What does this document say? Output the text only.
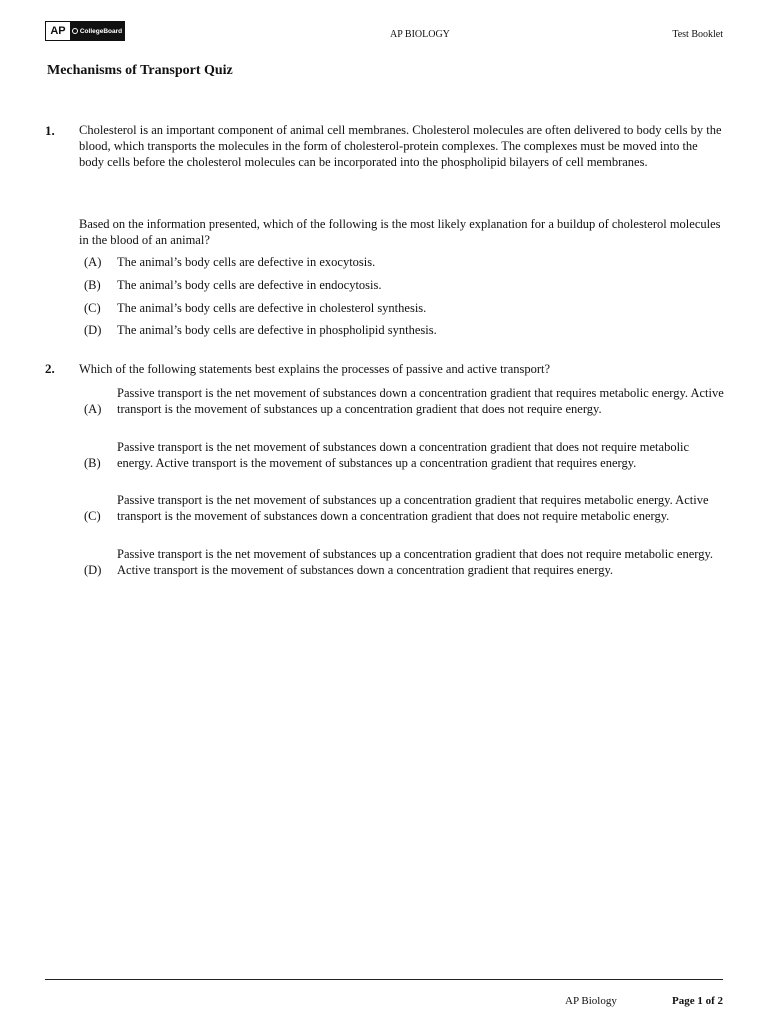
AP	CollegeBoard	AP BIOLOGY	Test Booklet
Mechanisms of Transport Quiz
1. Cholesterol is an important component of animal cell membranes. Cholesterol molecules are often delivered to body cells by the blood, which transports the molecules in the form of cholesterol-protein complexes. The complexes must be moved into the body cells before the cholesterol molecules can be incorporated into the phospholipid bilayers of cell membranes.

Based on the information presented, which of the following is the most likely explanation for a buildup of cholesterol molecules in the blood of an animal?

(A) The animal’s body cells are defective in exocytosis.
(B) The animal’s body cells are defective in endocytosis.
(C) The animal’s body cells are defective in cholesterol synthesis.
(D) The animal’s body cells are defective in phospholipid synthesis.
2. Which of the following statements best explains the processes of passive and active transport?

(A)
Passive transport is the net movement of substances down a concentration gradient that requires metabolic energy. Active transport is the movement of substances up a concentration gradient that does not require energy.
(B)
Passive transport is the net movement of substances down a concentration gradient that does not require metabolic energy. Active transport is the movement of substances up a concentration gradient that requires energy.
(C)
Passive transport is the net movement of substances up a concentration gradient that requires metabolic energy. Active transport is the movement of substances down a concentration gradient that does not require metabolic energy.
(D)
Passive transport is the net movement of substances up a concentration gradient that does not require metabolic energy. Active transport is the movement of substances down a concentration gradient that requires energy.
AP Biology	Page 1 of 2
